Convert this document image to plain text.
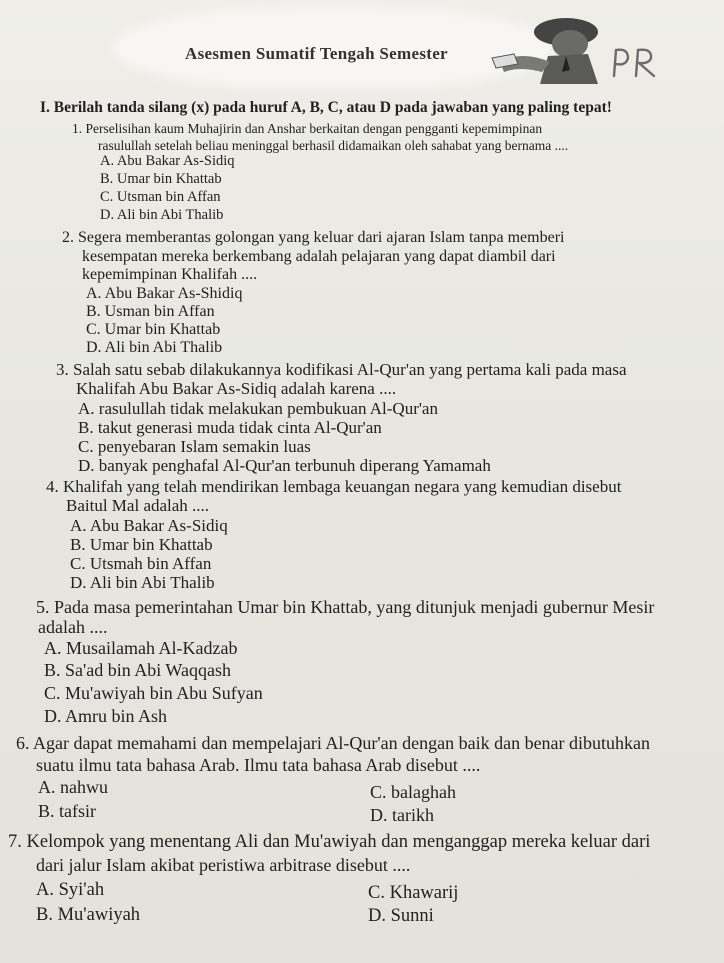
Asesmen Sumatif Tengah Semester
I. Berilah tanda silang (x) pada huruf A, B, C, atau D pada jawaban yang paling tepat!
1. Perselisihan kaum Muhajirin dan Anshar berkaitan dengan pengganti kepemimpinan
rasulullah setelah beliau meninggal berhasil didamaikan oleh sahabat yang bernama ....
A. Abu Bakar As-Sidiq
B. Umar bin Khattab
C. Utsman bin Affan
D. Ali bin Abi Thalib
2. Segera memberantas golongan yang keluar dari ajaran Islam tanpa memberi
kesempatan mereka berkembang adalah pelajaran yang dapat diambil dari
kepemimpinan Khalifah ....
A. Abu Bakar As-Shidiq
B. Usman bin Affan
C. Umar bin Khattab
D. Ali bin Abi Thalib
3. Salah satu sebab dilakukannya kodifikasi Al-Qur'an yang pertama kali pada masa
Khalifah Abu Bakar As-Sidiq adalah karena ....
A. rasulullah tidak melakukan pembukuan Al-Qur'an
B. takut generasi muda tidak cinta Al-Qur'an
C. penyebaran Islam semakin luas
D. banyak penghafal Al-Qur'an terbunuh diperang Yamamah
4. Khalifah yang telah mendirikan lembaga keuangan negara yang kemudian disebut
Baitul Mal adalah ....
A. Abu Bakar As-Sidiq
B. Umar bin Khattab
C. Utsmah bin Affan
D. Ali bin Abi Thalib
5. Pada masa pemerintahan Umar bin Khattab, yang ditunjuk menjadi gubernur Mesir
adalah ....
A. Musailamah Al-Kadzab
B. Sa'ad bin Abi Waqqash
C. Mu'awiyah bin Abu Sufyan
D. Amru bin Ash
6. Agar dapat memahami dan mempelajari Al-Qur'an dengan baik dan benar dibutuhkan
suatu ilmu tata bahasa Arab. Ilmu tata bahasa Arab disebut ....
A. nahwu	C. balaghah
B. tafsir	D. tarikh
7. Kelompok yang menentang Ali dan Mu'awiyah dan menganggap mereka keluar dari
dari jalur Islam akibat peristiwa arbitrase disebut ....
A. Syi'ah	C. Khawarij
B. Mu'awiyah	D. Sunni
